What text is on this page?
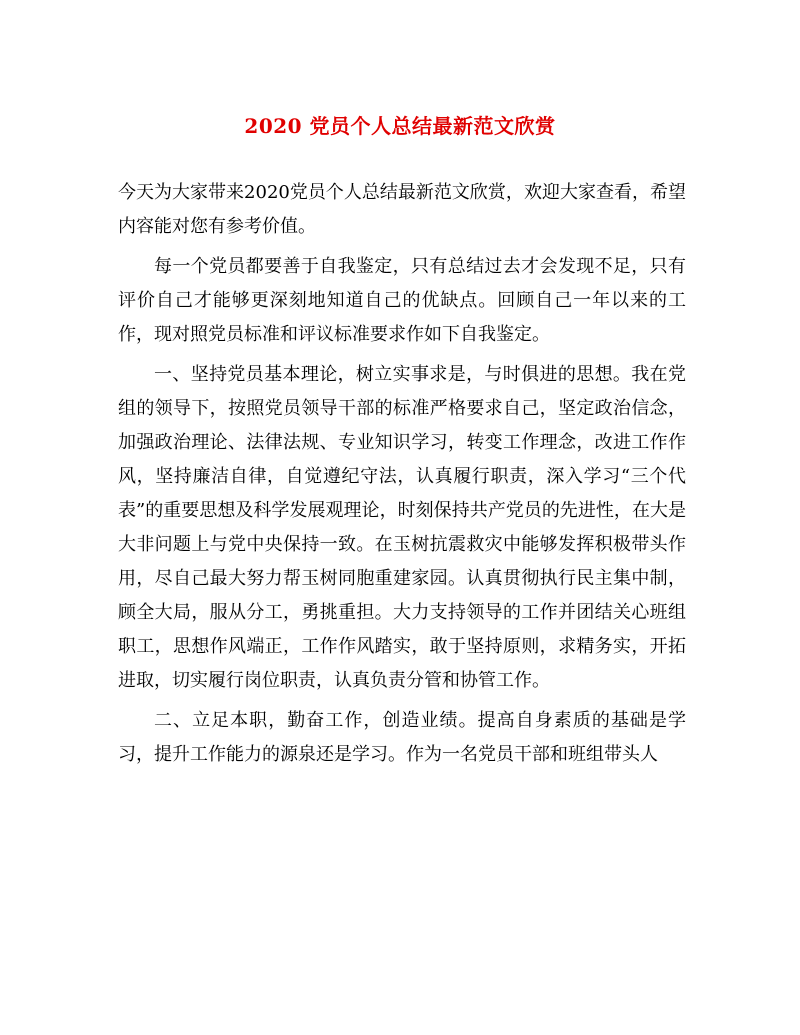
2020 党员个人总结最新范文欣赏

今天为大家带来2020党员个人总结最新范文欣赏，欢迎大家查看，希望内容能对您有参考价值。

每一个党员都要善于自我鉴定，只有总结过去才会发现不足，只有评价自己才能够更深刻地知道自己的优缺点。回顾自己一年以来的工作，现对照党员标准和评议标准要求作如下自我鉴定。

一、坚持党员基本理论，树立实事求是，与时俱进的思想。我在党组的领导下，按照党员领导干部的标准严格要求自己，坚定政治信念，加强政治理论、法律法规、专业知识学习，转变工作理念，改进工作作风，坚持廉洁自律，自觉遵纪守法，认真履行职责，深入学习“三个代表”的重要思想及科学发展观理论，时刻保持共产党员的先进性，在大是大非问题上与党中央保持一致。在玉树抗震救灾中能够发挥积极带头作用，尽自己最大努力帮玉树同胞重建家园。认真贯彻执行民主集中制，顾全大局，服从分工，勇挑重担。大力支持领导的工作并团结关心班组职工，思想作风端正，工作作风踏实，敢于坚持原则，求精务实，开拓进取，切实履行岗位职责，认真负责分管和协管工作。

二、立足本职，勤奋工作，创造业绩。提高自身素质的基础是学习，提升工作能力的源泉还是学习。作为一名党员干部和班组带头人
